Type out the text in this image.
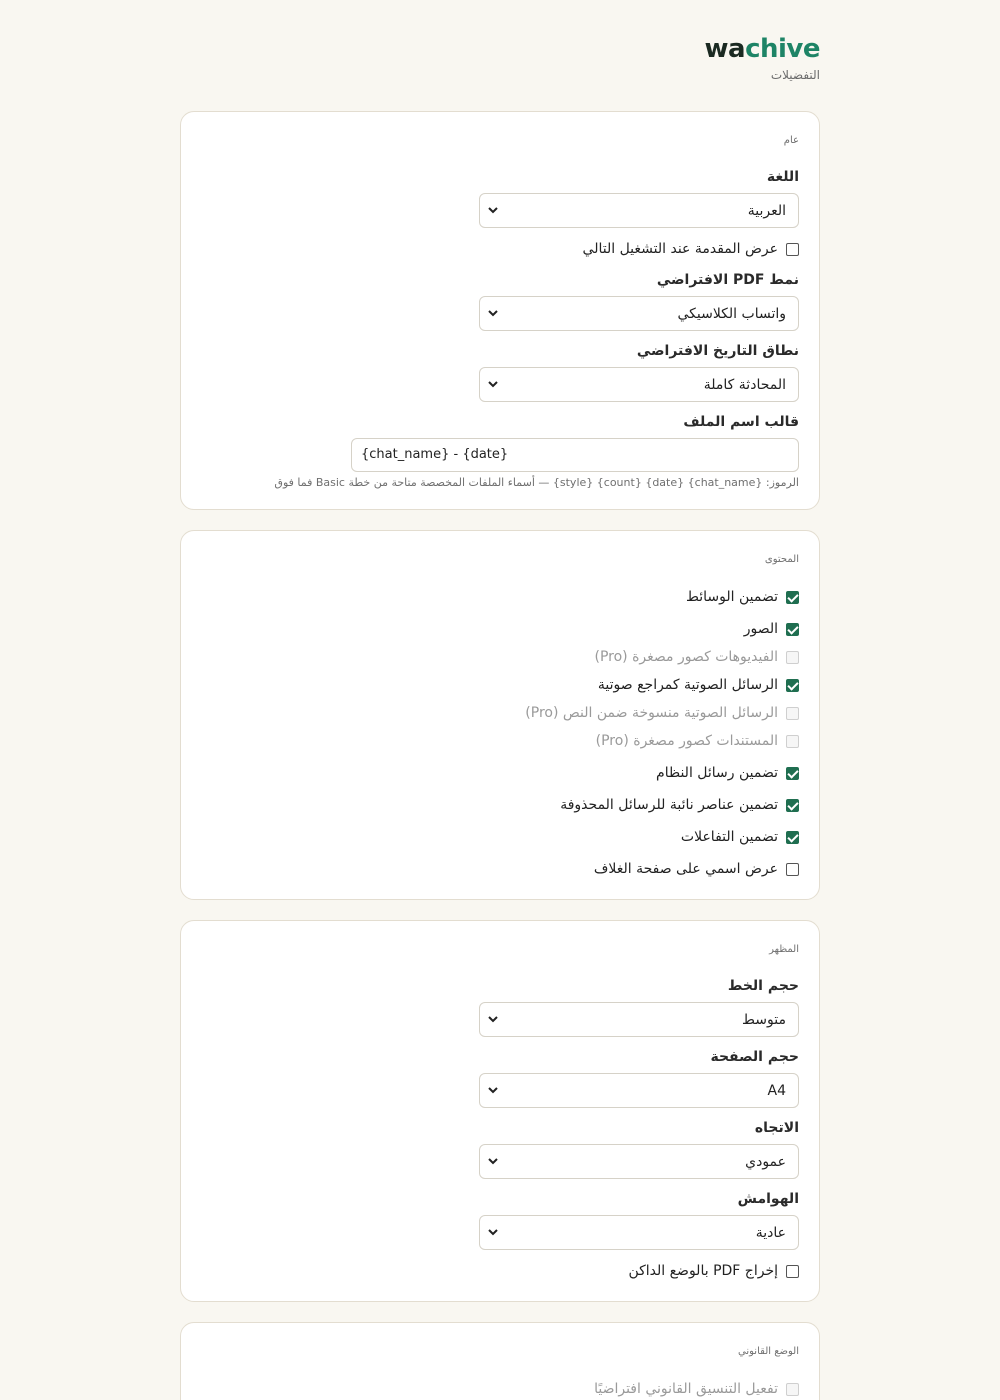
wachive
التفضيلات
عام
اللغة
العربية
عرض المقدمة عند التشغيل التالي
نمط PDF الافتراضي
واتساب الكلاسيكي
نطاق التاريخ الافتراضي
المحادثة كاملة
قالب اسم الملف
{chat_name} - {date}
الرموز: {chat_name} {date} {count} {style} — أسماء الملفات المخصصة متاحة من خطة Basic فما فوق
المحتوى
تضمين الوسائط
الصور
الفيديوهات كصور مصغرة (Pro)
الرسائل الصوتية كمراجع صوتية
الرسائل الصوتية منسوخة ضمن النص (Pro)
المستندات كصور مصغرة (Pro)
تضمين رسائل النظام
تضمين عناصر نائبة للرسائل المحذوفة
تضمين التفاعلات
عرض اسمي على صفحة الغلاف
المظهر
حجم الخط
متوسط
حجم الصفحة
A4
الاتجاه
عمودي
الهوامش
عادية
إخراج PDF بالوضع الداكن
الوضع القانوني
تفعيل التنسيق القانوني افتراضيًا
